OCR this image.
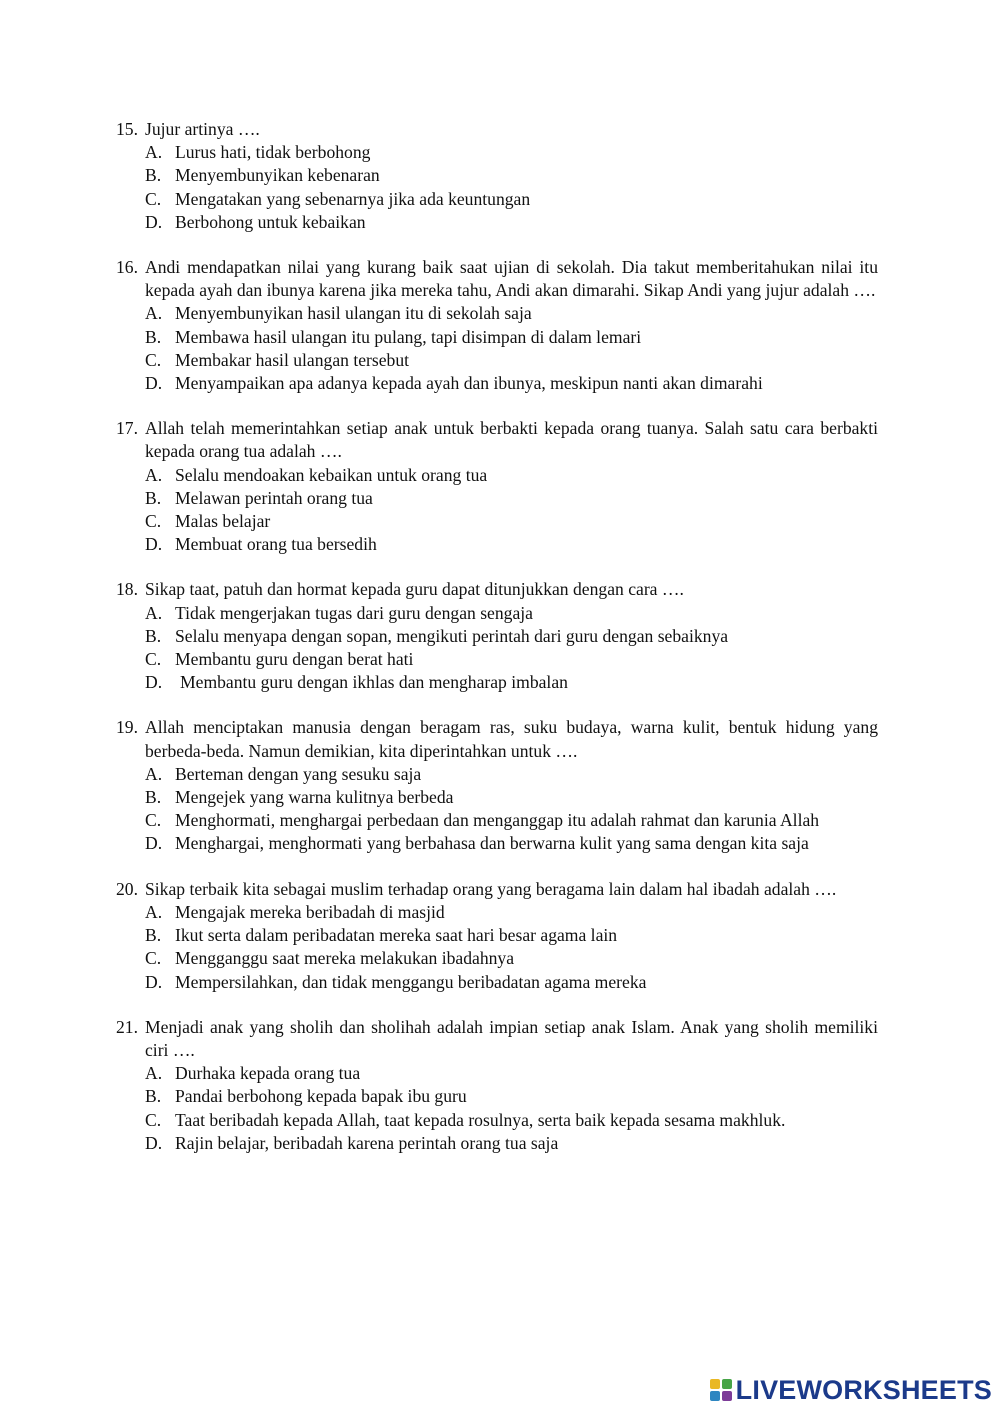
15. Jujur artinya ….
A. Lurus hati, tidak berbohong
B. Menyembunyikan kebenaran
C. Mengatakan yang sebenarnya jika ada keuntungan
D. Berbohong untuk kebaikan
16. Andi mendapatkan nilai yang kurang baik saat ujian di sekolah. Dia takut memberitahukan nilai itu kepada ayah dan ibunya karena jika mereka tahu, Andi akan dimarahi. Sikap Andi yang jujur adalah ….
A. Menyembunyikan hasil ulangan itu di sekolah saja
B. Membawa hasil ulangan itu pulang, tapi disimpan di dalam lemari
C. Membakar hasil ulangan tersebut
D. Menyampaikan apa adanya kepada ayah dan ibunya, meskipun nanti akan dimarahi
17. Allah telah memerintahkan setiap anak untuk berbakti kepada orang tuanya. Salah satu cara berbakti kepada orang tua adalah ….
A. Selalu mendoakan kebaikan untuk orang tua
B. Melawan perintah orang tua
C. Malas belajar
D. Membuat orang tua bersedih
18. Sikap taat, patuh dan hormat kepada guru dapat ditunjukkan dengan cara ….
A. Tidak mengerjakan tugas dari guru dengan sengaja
B. Selalu menyapa dengan sopan, mengikuti perintah dari guru dengan sebaiknya
C. Membantu guru dengan berat hati
D. Membantu guru dengan ikhlas dan mengharap imbalan
19. Allah menciptakan manusia dengan beragam ras, suku budaya, warna kulit, bentuk hidung yang berbeda-beda. Namun demikian, kita diperintahkan untuk ….
A. Berteman dengan yang sesuku saja
B. Mengejek yang warna kulitnya berbeda
C. Menghormati, menghargai perbedaan dan menganggap itu adalah rahmat dan karunia Allah
D. Menghargai, menghormati yang berbahasa dan berwarna kulit yang sama dengan kita saja
20. Sikap terbaik kita sebagai muslim terhadap orang yang beragama lain dalam hal ibadah adalah ….
A. Mengajak mereka beribadah di masjid
B. Ikut serta dalam peribadatan mereka saat hari besar agama lain
C. Mengganggu saat mereka melakukan ibadahnya
D. Mempersilahkan, dan tidak menggangu beribadatan agama mereka
21. Menjadi anak yang sholih dan sholihah adalah impian setiap anak Islam. Anak yang sholih memiliki ciri ….
A. Durhaka kepada orang tua
B. Pandai berbohong kepada bapak ibu guru
C. Taat beribadah kepada Allah, taat kepada rosulnya, serta baik kepada sesama makhluk.
D. Rajin belajar, beribadah karena perintah orang tua saja
LIVEWORKSHEETS
